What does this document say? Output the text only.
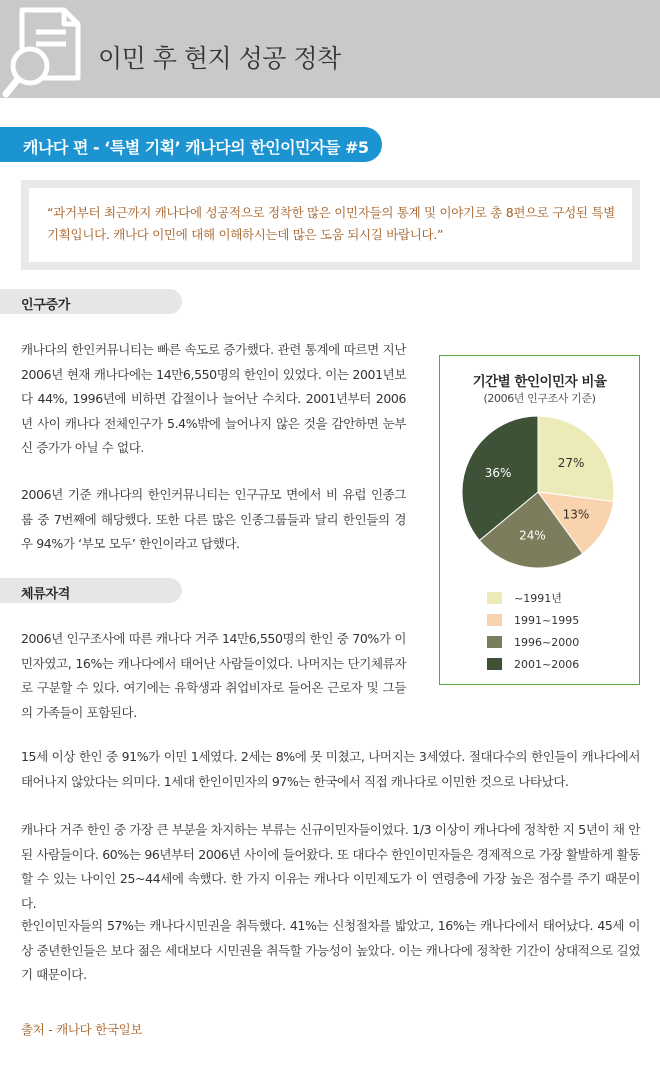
이민 후 현지 성공 정착
캐나다 편 - ‘특별 기획’ 캐나다의 한인이민자들 #5
“과거부터 최근까지 캐나다에 성공적으로 정착한 많은 이민자들의 통계 및 이야기로 총 8편으로 구성된 특별 기획입니다. 캐나다 이민에 대해 이해하시는데 많은 도움 되시길 바랍니다.”
인구증가

캐나다의 한인커뮤니티는 빠른 속도로 증가했다. 관련 통계에 따르면 지난 2006년 현재 캐나다에는 14만6,550명의 한인이 있었다. 이는 2001년보다 44%, 1996년에 비하면 갑절이나 늘어난 수치다. 2001년부터 2006년 사이 캐나다 전체인구가 5.4%밖에 늘어나지 않은 것을 감안하면 눈부신 증가가 아닐 수 없다.

2006년 기준 캐나다의 한인커뮤니티는 인구규모 면에서 비 유럽 인종그룹 중 7번째에 해당했다. 또한 다른 많은 인종그룹들과 달리 한인들의 경우 94%가 ‘부모 모두’ 한인이라고 답했다.

체류자격

2006년 인구조사에 따른 캐나다 거주 14만6,550명의 한인 중 70%가 이민자였고, 16%는 캐나다에서 태어난 사람들이었다. 나머지는 단기체류자로 구분할 수 있다. 여기에는 유학생과 취업비자로 들어온 근로자 및 그들의 가족들이 포함된다.

15세 이상 한인 중 91%가 이민 1세였다. 2세는 8%에 못 미쳤고, 나머지는 3세였다. 절대다수의 한인들이 캐나다에서 태어나지 않았다는 의미다. 1세대 한인이민자의 97%는 한국에서 직접 캐나다로 이민한 것으로 나타났다.

캐나다 거주 한인 중 가장 큰 부분을 차지하는 부류는 신규이민자들이었다. 1/3 이상이 캐나다에 정착한 지 5년이 채 안 된 사람들이다. 60%는 96년부터 2006년 사이에 들어왔다. 또 대다수 한인이민자들은 경제적으로 가장 활발하게 활동할 수 있는 나이인 25~44세에 속했다. 한 가지 이유는 캐나다 이민제도가 이 연령층에 가장 높은 점수를 주기 때문이다.

한인이민자들의 57%는 캐나다시민권을 취득했다. 41%는 신청절차를 밟았고, 16%는 캐나다에서 태어났다. 45세 이상 중년한인들은 보다 젊은 세대보다 시민권을 취득할 가능성이 높았다. 이는 캐나다에 정착한 기간이 상대적으로 길었기 때문이다.

기간별 한인이민자 비율
(2006년 인구조사 기준)
27%
13%
24%
36%
~1991년
1991~1995
1996~2000
2001~2006
출처 - 캐나다 한국일보
